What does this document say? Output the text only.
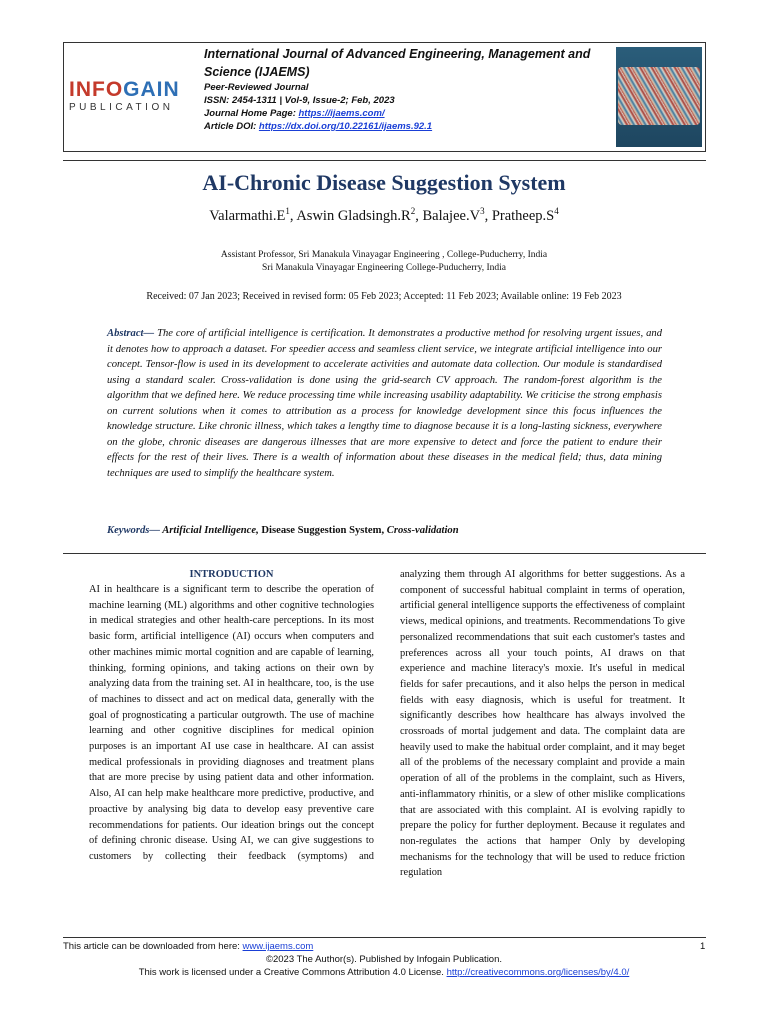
INFOGAIN
PUBLICATION
International Journal of Advanced Engineering, Management and Science (IJAEMS)
Peer-Reviewed Journal
ISSN: 2454-1311 | Vol-9, Issue-2; Feb, 2023
Journal Home Page: https://ijaems.com/
Article DOI: https://dx.doi.org/10.22161/ijaems.92.1
AI-Chronic Disease Suggestion System
$Valarmathi.E^1$, Aswin $Gladsingh.R^2$, $Balajee.V^3$, $Pratheep.S^4$
Assistant Professor, Sri Manakula Vinayagar Engineering , College-Puducherry, India
Sri Manakula Vinayagar Engineering College-Puducherry, India
Received: 07 Jan 2023; Received in revised form: 05 Feb 2023; Accepted: 11 Feb 2023; Available online: 19 Feb 2023
Abstract— The core of artificial intelligence is certification. It demonstrates a productive method for resolving urgent issues, and it denotes how to approach a dataset. For speedier access and seamless client service, we integrate artificial intelligence into our concept. Tensor-flow is used in its development to accelerate activities and automate data collection. Our module is standardised using a standard scaler. Cross-validation is done using the grid-search CV approach. The random-forest algorithm is the algorithm that we defined here. We reduce processing time while increasing usability adaptability. We criticise the strong emphasis on current solutions when it comes to attribution as a process for knowledge development since this focus influences the knowledge structure. Like chronic illness, which takes a lengthy time to diagnose because it is a long-lasting sickness, everywhere on the globe, chronic diseases are dangerous illnesses that are more expensive to detect and force the patient to endure their effects for the rest of their lives. There is a wealth of information about these diseases in the medical field; thus, data mining techniques are used to simplify the healthcare system.
Keywords— Artificial Intelligence, Disease Suggestion System, Cross-validation
INTRODUCTION
AI in healthcare is a significant term to describe the operation of machine learning (ML) algorithms and other cognitive technologies in medical strategies and other health-care perceptions. In its most basic form, artificial intelligence (AI) occurs when computers and other machines mimic mortal cognition and are capable of learning, thinking, forming opinions, and taking actions on their own by analyzing data from the training set. AI in healthcare, too, is the use of machines to dissect and act on medical data, generally with the goal of prognosticating a particular outgrowth. The use of machine learning and other cognitive disciplines for medical opinion purposes is an important AI use case in healthcare. AI can assist medical professionals in providing diagnoses and treatment plans that are more precise by using patient data and other information. Also, AI can help make healthcare more predictive, productive, and proactive by analysing big data to develop easy preventive care recommendations for patients. Our ideation brings out the concept of defining chronic disease. Using AI, we can give suggestions to customers by collecting their feedback (symptoms) and
analyzing them through AI algorithms for better suggestions. As a component of successful habitual complaint in terms of operation, artificial general intelligence supports the effectiveness of complaint views, medical opinions, and treatments. Recommendations To give personalized recommendations that suit each customer's tastes and preferences across all your touch points, AI draws on that experience and machine literacy's moxie. It's useful in medical fields for safer precautions, and it also helps the person in medical fields with easy diagnosis, which is useful for treatment. It significantly describes how healthcare has always involved the crossroads of mortal judgement and data. The complaint data are heavily used to make the habitual order complaint, and it may beget all of the problems of the necessary complaint and provide a main operation of all of the problems in the complaint, such as Hivers, anti-inflammatory rhinitis, or a slew of other mislike complications that are associated with this complaint. AI is evolving rapidly to prepare the policy for further deployment. Because it regulates and non-regulates the actions that hamper Only by developing mechanisms for the technology that will be used to reduce friction regulation
This article can be downloaded from here: www.ijaems.com	1
©2023 The Author(s). Published by Infogain Publication.
This work is licensed under a Creative Commons Attribution 4.0 License. http://creativecommons.org/licenses/by/4.0/
